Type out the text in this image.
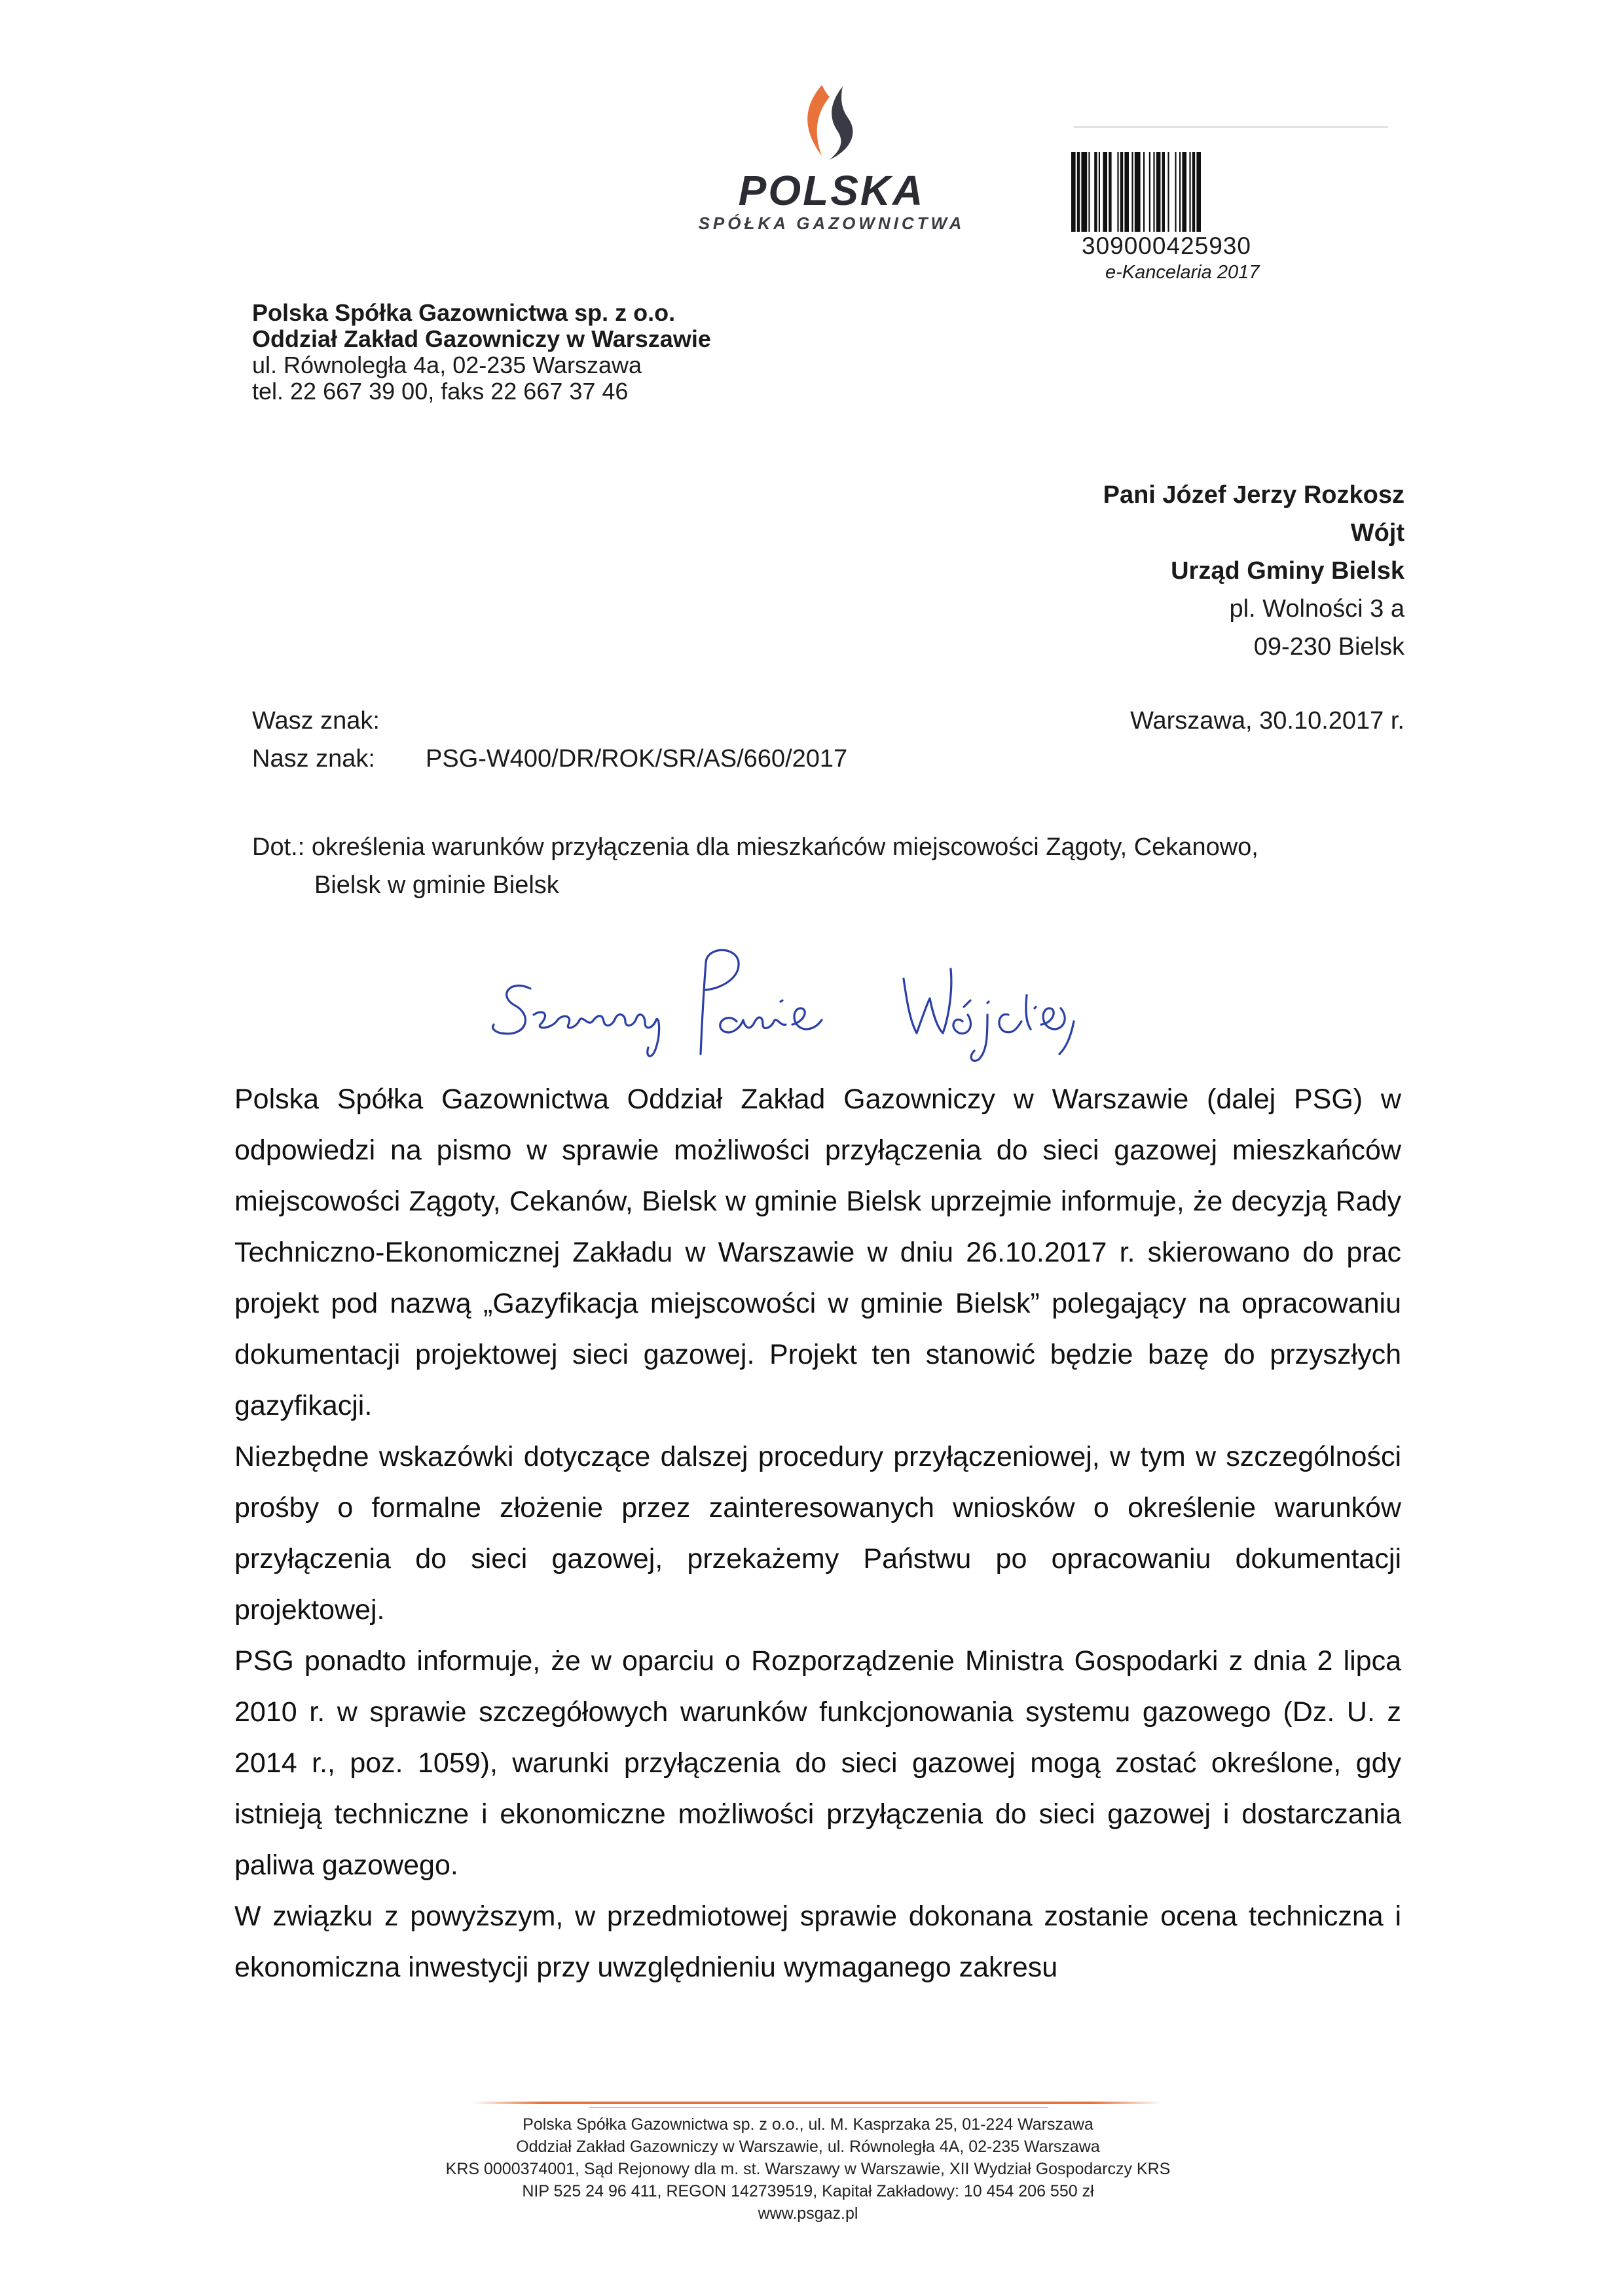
POLSKA
SPÓŁKA GAZOWNICTWA
309000425930
e-Kancelaria 2017
Polska Spółka Gazownictwa sp. z o.o.
Oddział Zakład Gazowniczy w Warszawie
ul. Równoległa 4a, 02-235 Warszawa
tel. 22 667 39 00, faks 22 667 37 46
Pani Józef Jerzy Rozkosz
Wójt
Urząd Gminy Bielsk
pl. Wolności 3 a
09-230 Bielsk
Wasz znak:
Nasz znak: PSG-W400/DR/ROK/SR/AS/660/2017
Warszawa, 30.10.2017 r.
Dot.: określenia warunków przyłączenia dla mieszkańców miejscowości Zągoty, Cekanowo,
Bielsk w gminie Bielsk

Polska Spółka Gazownictwa Oddział Zakład Gazowniczy w Warszawie (dalej PSG) w odpowiedzi na pismo w sprawie możliwości przyłączenia do sieci gazowej mieszkańców miejscowości Zągoty, Cekanów, Bielsk w gminie Bielsk uprzejmie informuje, że decyzją Rady Techniczno-Ekonomicznej Zakładu w Warszawie w dniu 26.10.2017 r. skierowano do prac projekt pod nazwą „Gazyfikacja miejscowości w gminie Bielsk” polegający na opracowaniu dokumentacji projektowej sieci gazowej. Projekt ten stanowić będzie bazę do przyszłych gazyfikacji.

Niezbędne wskazówki dotyczące dalszej procedury przyłączeniowej, w tym w szczególności prośby o formalne złożenie przez zainteresowanych wniosków o określenie warunków przyłączenia do sieci gazowej, przekażemy Państwu po opracowaniu dokumentacji projektowej.

PSG ponadto informuje, że w oparciu o Rozporządzenie Ministra Gospodarki z dnia 2 lipca 2010 r. w sprawie szczegółowych warunków funkcjonowania systemu gazowego (Dz. U. z 2014 r., poz. 1059), warunki przyłączenia do sieci gazowej mogą zostać określone, gdy istnieją techniczne i ekonomiczne możliwości przyłączenia do sieci gazowej i dostarczania paliwa gazowego.

W związku z powyższym, w przedmiotowej sprawie dokonana zostanie ocena techniczna i ekonomiczna inwestycji przy uwzględnieniu wymaganego zakresu

Polska Spółka Gazownictwa sp. z o.o., ul. M. Kasprzaka 25, 01-224 Warszawa
Oddział Zakład Gazowniczy w Warszawie, ul. Równoległa 4A, 02-235 Warszawa
KRS 0000374001, Sąd Rejonowy dla m. st. Warszawy w Warszawie, XII Wydział Gospodarczy KRS
NIP 525 24 96 411, REGON 142739519, Kapitał Zakładowy: 10 454 206 550 zł
www.psgaz.pl
